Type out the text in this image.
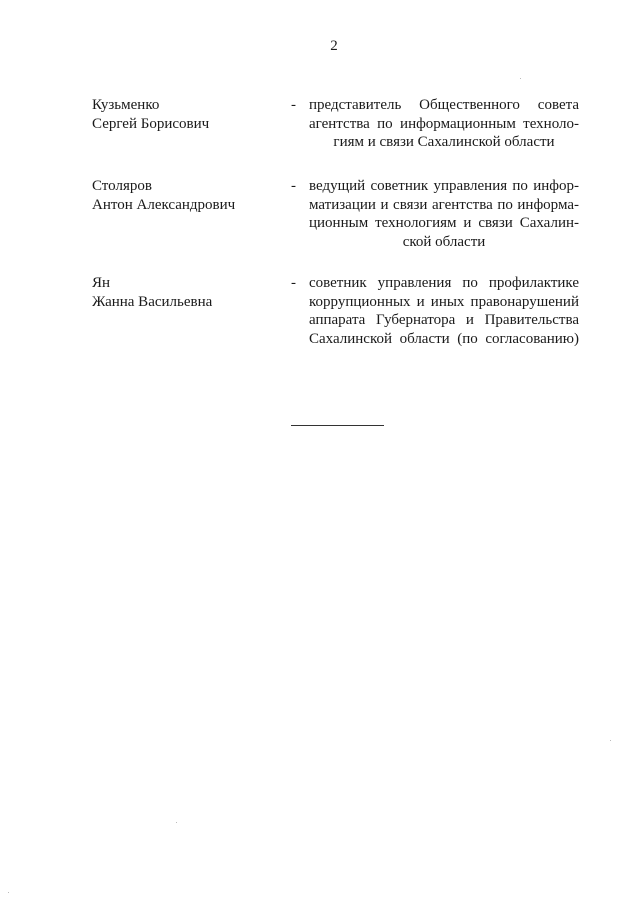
2
Кузьменко
Сергей Борисович
- представитель Общественного совета
агентства по информационным техноло-
гиям и связи Сахалинской области
Столяров
Антон Александрович
- ведущий советник управления по инфор-
матизации и связи агентства по информа-
ционным технологиям и связи Сахалин-
ской области
Ян
Жанна Васильевна
- советник управления по профилактике
коррупционных и иных правонарушений
аппарата Губернатора и Правительства
Сахалинской области (по согласованию)
